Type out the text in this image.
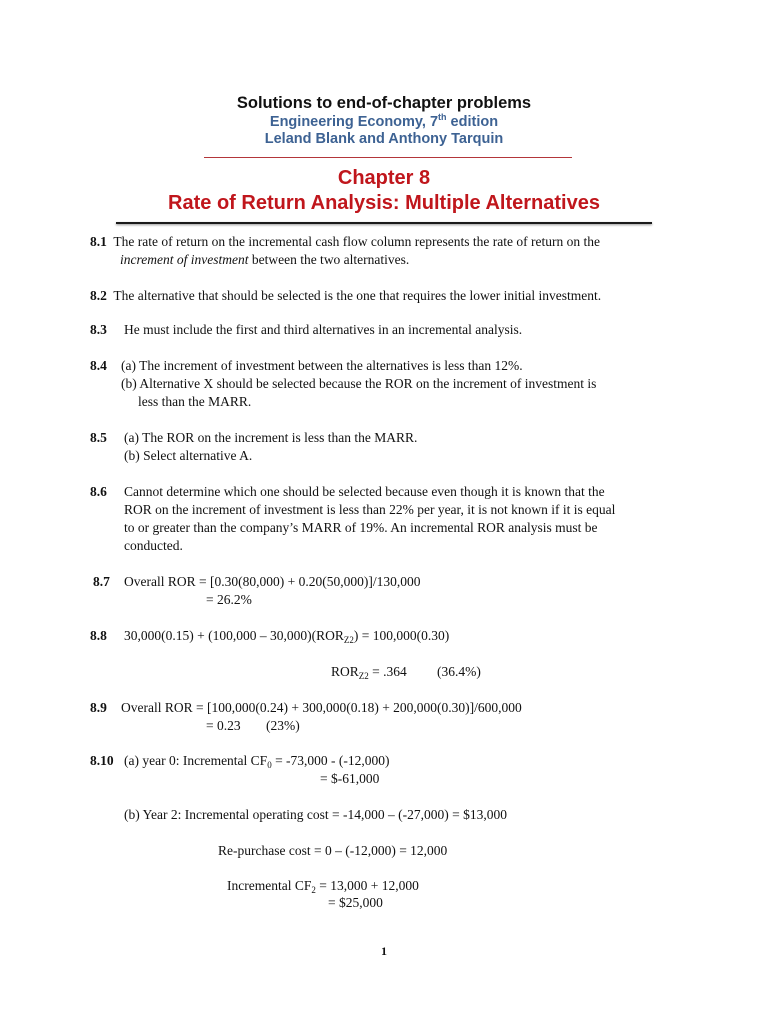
Solutions to end-of-chapter problems
Engineering Economy, 7th edition
Leland Blank and Anthony Tarquin
Chapter 8
Rate of Return Analysis: Multiple Alternatives
8.1 The rate of return on the incremental cash flow column represents the rate of return on the
increment of investment between the two alternatives.
8.2 The alternative that should be selected is the one that requires the lower initial investment.
8.3 He must include the first and third alternatives in an incremental analysis.
8.4 (a) The increment of investment between the alternatives is less than 12%.
(b) Alternative X should be selected because the ROR on the increment of investment is
less than the MARR.
8.5 (a) The ROR on the increment is less than the MARR.
(b) Select alternative A.
8.6 Cannot determine which one should be selected because even though it is known that the
ROR on the increment of investment is less than 22% per year, it is not known if it is equal
to or greater than the company’s MARR of 19%. An incremental ROR analysis must be
conducted.
8.7 Overall ROR = [0.30(80,000) + 0.20(50,000)]/130,000
= 26.2%
8.8 $30,000(0.15) + (100,000 - 30,000)(ROR_{Z2}) = 100,000(0.30)$
$ROR_{Z2} = .364$ (36.4%)
8.9 Overall ROR = [100,000(0.24) + 300,000(0.18) + 200,000(0.30)]/600,000
= 0.23 (23%)
8.10 (a) year 0: Incremental $CF_0 = -73,000 - (-12,000)$
= $-61,000
(b) Year 2: Incremental operating cost = -14,000 – (-27,000) = $13,000
Re-purchase cost = 0 – (-12,000) = 12,000
Incremental $CF_2 = 13,000 + 12,000$
= $25,000
1
